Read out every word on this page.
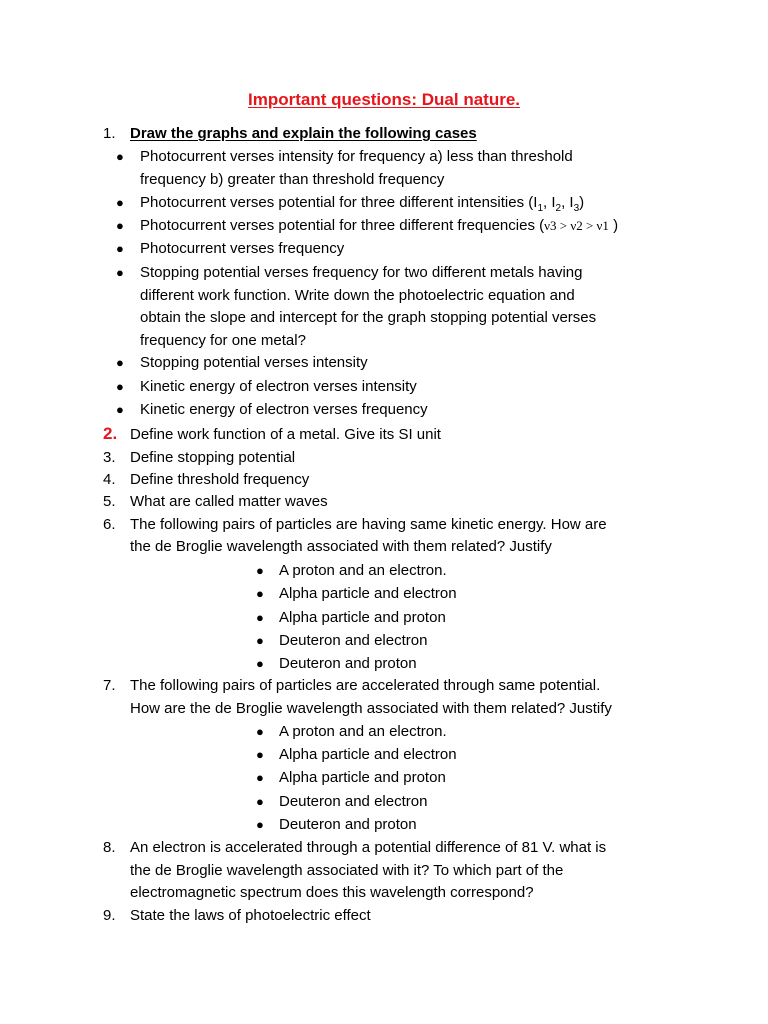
Important questions: Dual nature.
1. Draw the graphs and explain the following cases
● Photocurrent verses intensity for frequency a) less than threshold
frequency b) greater than threshold frequency
● Photocurrent verses potential for three different intensities ($I_1$, $I_2$, $I_3$)
● Photocurrent verses potential for three different frequencies (ν3 > ν2 > ν1 )
● Photocurrent verses frequency
● Stopping potential verses frequency for two different metals having
different work function. Write down the photoelectric equation and
obtain the slope and intercept for the graph stopping potential verses
frequency for one metal?
● Stopping potential verses intensity
● Kinetic energy of electron verses intensity
● Kinetic energy of electron verses frequency
2. Define work function of a metal. Give its SI unit
3. Define stopping potential
4. Define threshold frequency
5. What are called matter waves
6. The following pairs of particles are having same kinetic energy. How are
the de Broglie wavelength associated with them related? Justify
● A proton and an electron.
● Alpha particle and electron
● Alpha particle and proton
● Deuteron and electron
● Deuteron and proton
7. The following pairs of particles are accelerated through same potential.
How are the de Broglie wavelength associated with them related? Justify
● A proton and an electron.
● Alpha particle and electron
● Alpha particle and proton
● Deuteron and electron
● Deuteron and proton
8. An electron is accelerated through a potential difference of 81 V. what is
the de Broglie wavelength associated with it? To which part of the
electromagnetic spectrum does this wavelength correspond?
9. State the laws of photoelectric effect
